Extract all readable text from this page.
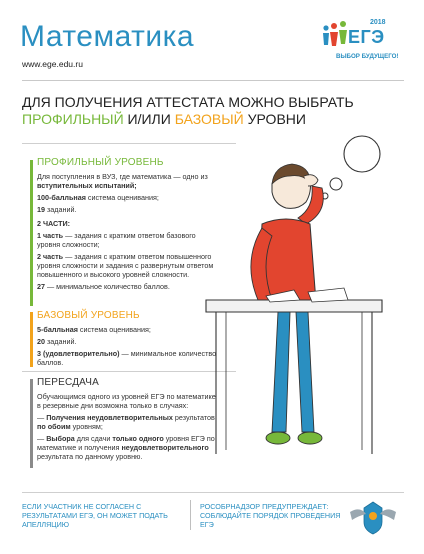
Математика
www.ege.edu.ru
2018
ЕГЭ
ВЫБОР БУДУЩЕГО!
ДЛЯ ПОЛУЧЕНИЯ АТТЕСТАТА МОЖНО ВЫБРАТЬ
ПРОФИЛЬНЫЙ И/ИЛИ БАЗОВЫЙ УРОВНИ
ПРОФИЛЬНЫЙ УРОВЕНЬ

Для поступления в ВУЗ, где математика — одно из вступительных испытаний;

100-балльная система оценивания;

19 заданий.

2 ЧАСТИ:

1 часть — задания с кратким ответом базового уровня сложности;

2 часть — задания с кратким ответом повышенного уровня сложности и задания с развернутым ответом повышенного и высокого уровней сложности.

27 — минимальное количество баллов.

БАЗОВЫЙ УРОВЕНЬ

5-балльная система оценивания;

20 заданий.

3 (удовлетворительно) — минимальное количество баллов.

ПЕРЕСДАЧА

Обучающимся одного из уровней ЕГЭ по математике в резервные дни возможна только в случаях:

— Получения неудовлетворительных результатов по обоим уровням;

— Выбора для сдачи только одного уровня ЕГЭ по математике и получения неудовлетворительного результата по данному уровню.

ЕСЛИ УЧАСТНИК НЕ СОГЛАСЕН С РЕЗУЛЬТАТАМИ ЕГЭ, ОН МОЖЕТ ПОДАТЬ АПЕЛЛЯЦИЮ
РОСОБРНАДЗОР ПРЕДУПРЕЖДАЕТ: СОБЛЮДАЙТЕ ПОРЯДОК ПРОВЕДЕНИЯ ЕГЭ
